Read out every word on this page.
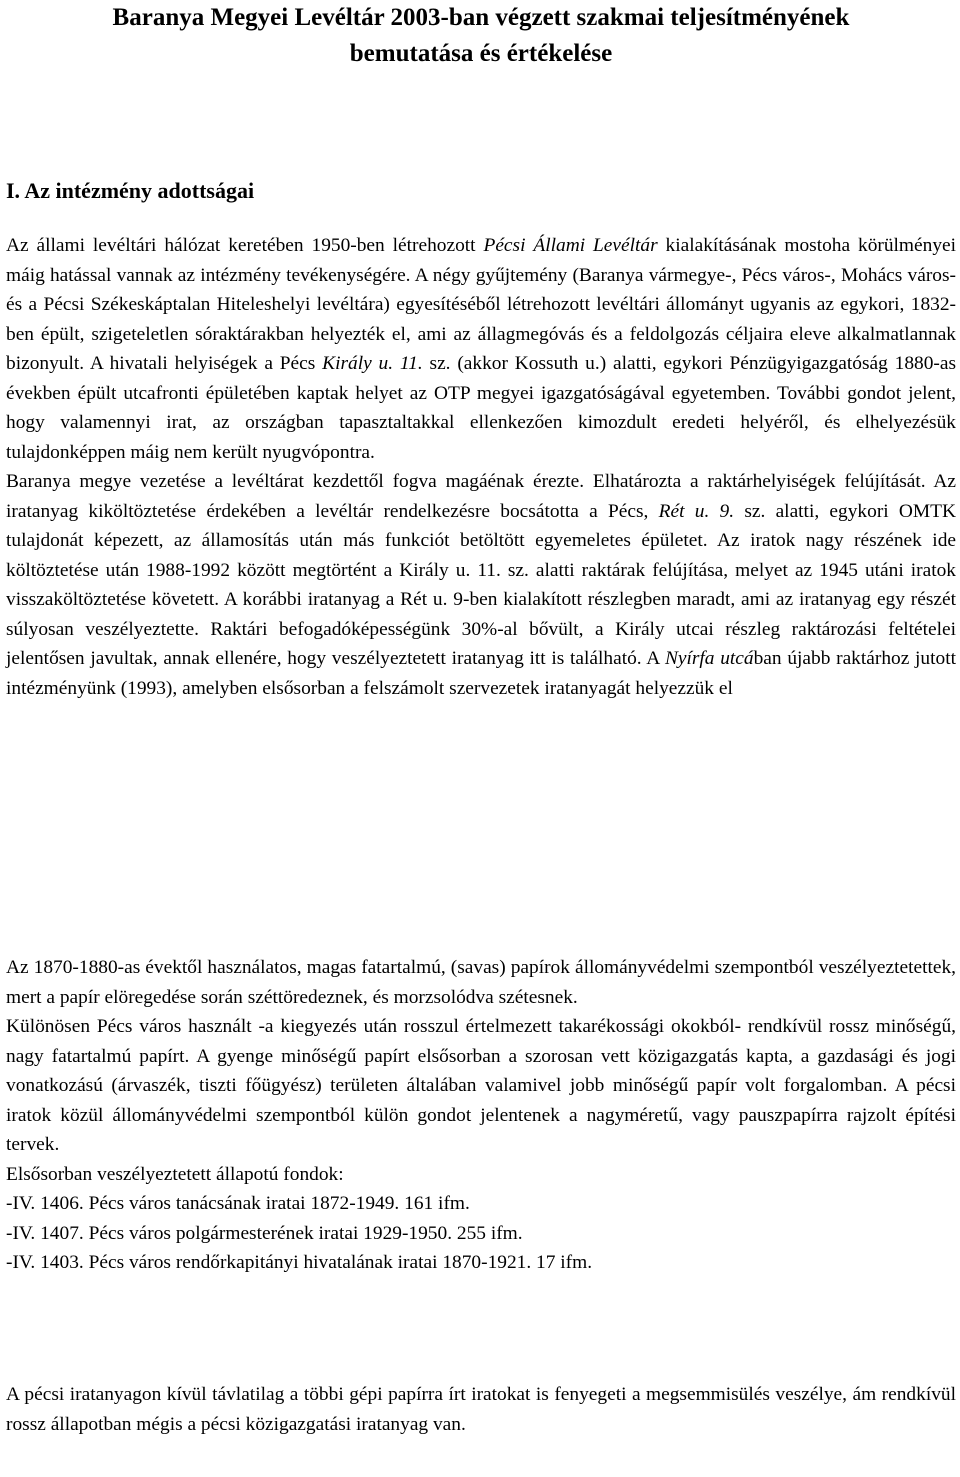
Baranya Megyei Levéltár 2003-ban végzett szakmai teljesítményének
bemutatása és értékelése
I. Az intézmény adottságai

Az állami levéltári hálózat keretében 1950-ben létrehozott Pécsi Állami Levéltár kialakításának mostoha körülményei máig hatással vannak az intézmény tevékenységére. A négy gyűjtemény (Baranya vármegye-, Pécs város-, Mohács város- és a Pécsi Székeskáptalan Hiteleshelyi levéltára) egyesítéséből létrehozott levéltári állományt ugyanis az egykori, 1832-ben épült, szigeteletlen sóraktárakban helyezték el, ami az állagmegóvás és a feldolgozás céljaira eleve alkalmatlannak bizonyult. A hivatali helyiségek a Pécs Király u. 11. sz. (akkor Kossuth u.) alatti, egykori Pénzügyigazgatóság 1880-as években épült utcafronti épületében kaptak helyet az OTP megyei igazgatóságával egyetemben. További gondot jelent, hogy valamennyi irat, az országban tapasztaltakkal ellenkezően kimozdult eredeti helyéről, és elhelyezésük tulajdonképpen máig nem került nyugvópontra.

Baranya megye vezetése a levéltárat kezdettől fogva magáénak érezte. Elhatározta a raktárhelyiségek felújítását. Az iratanyag kiköltöztetése érdekében a levéltár rendelkezésre bocsátotta a Pécs, Rét u. 9. sz. alatti, egykori OMTK tulajdonát képezett, az államosítás után más funkciót betöltött egyemeletes épületet. Az iratok nagy részének ide költöztetése után 1988-1992 között megtörtént a Király u. 11. sz. alatti raktárak felújítása, melyet az 1945 utáni iratok visszaköltöztetése követett. A korábbi iratanyag a Rét u. 9-ben kialakított részlegben maradt, ami az iratanyag egy részét súlyosan veszélyeztette. Raktári befogadóképességünk 30%-al bővült, a Király utcai részleg raktározási feltételei jelentősen javultak, annak ellenére, hogy veszélyeztetett iratanyag itt is található. A Nyírfa utcában újabb raktárhoz jutott intézményünk (1993), amelyben elsősorban a felszámolt szervezetek iratanyagát helyezzük el

Az 1870-1880-as évektől használatos, magas fatartalmú, (savas) papírok állományvédelmi szempontból veszélyeztetettek, mert a papír elöregedése során széttöredeznek, és morzsolódva szétesnek.

Különösen Pécs város használt -a kiegyezés után rosszul értelmezett takarékossági okokból- rendkívül rossz minőségű, nagy fatartalmú papírt. A gyenge minőségű papírt elsősorban a szorosan vett közigazgatás kapta, a gazdasági és jogi vonatkozású (árvaszék, tiszti főügyész) területen általában valamivel jobb minőségű papír volt forgalomban. A pécsi iratok közül állományvédelmi szempontból külön gondot jelentenek a nagyméretű, vagy pauszpapírra rajzolt építési tervek.

Elsősorban veszélyeztetett állapotú fondok:

-IV. 1406. Pécs város tanácsának iratai 1872-1949. 161 ifm.
-IV. 1407. Pécs város polgármesterének iratai 1929-1950. 255 ifm.
-IV. 1403. Pécs város rendőrkapitányi hivatalának iratai 1870-1921. 17 ifm.

A pécsi iratanyagon kívül távlatilag a többi gépi papírra írt iratokat is fenyegeti a megsemmisülés veszélye, ám rendkívül rossz állapotban mégis a pécsi közigazgatási iratanyag van.
